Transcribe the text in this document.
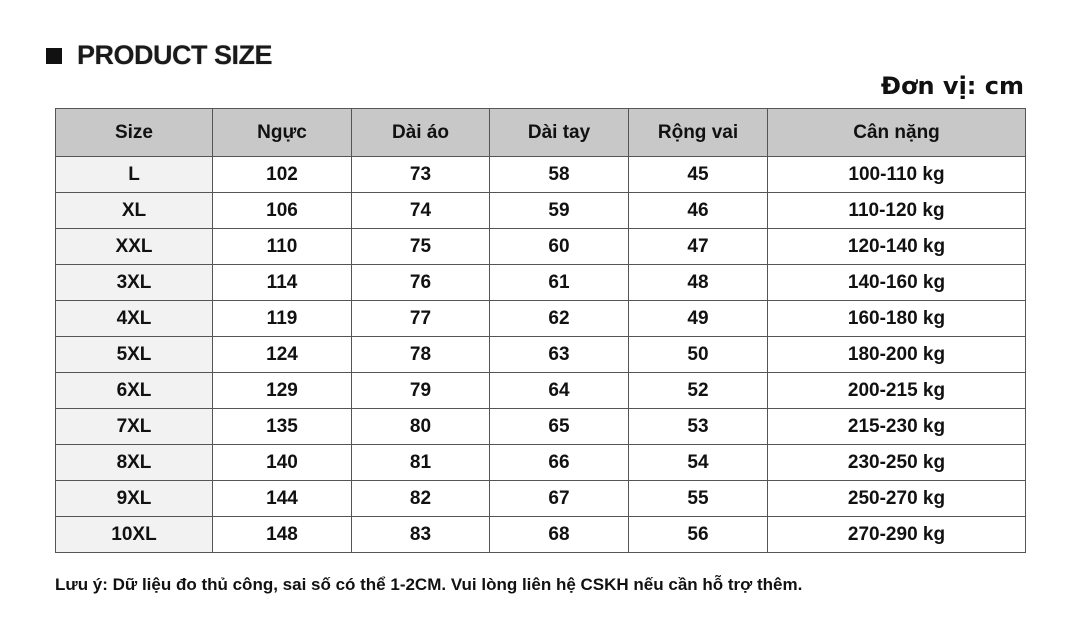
PRODUCT SIZE
Đơn vị: cm
Size	Ngực	Dài áo	Dài tay	Rộng vai	Cân nặng
L	102	73	58	45	100-110 kg
XL	106	74	59	46	110-120 kg
XXL	110	75	60	47	120-140 kg
3XL	114	76	61	48	140-160 kg
4XL	119	77	62	49	160-180 kg
5XL	124	78	63	50	180-200 kg
6XL	129	79	64	52	200-215 kg
7XL	135	80	65	53	215-230 kg
8XL	140	81	66	54	230-250 kg
9XL	144	82	67	55	250-270 kg
10XL	148	83	68	56	270-290 kg
Lưu ý: Dữ liệu đo thủ công, sai số có thể 1-2CM. Vui lòng liên hệ CSKH nếu cần hỗ trợ thêm.
